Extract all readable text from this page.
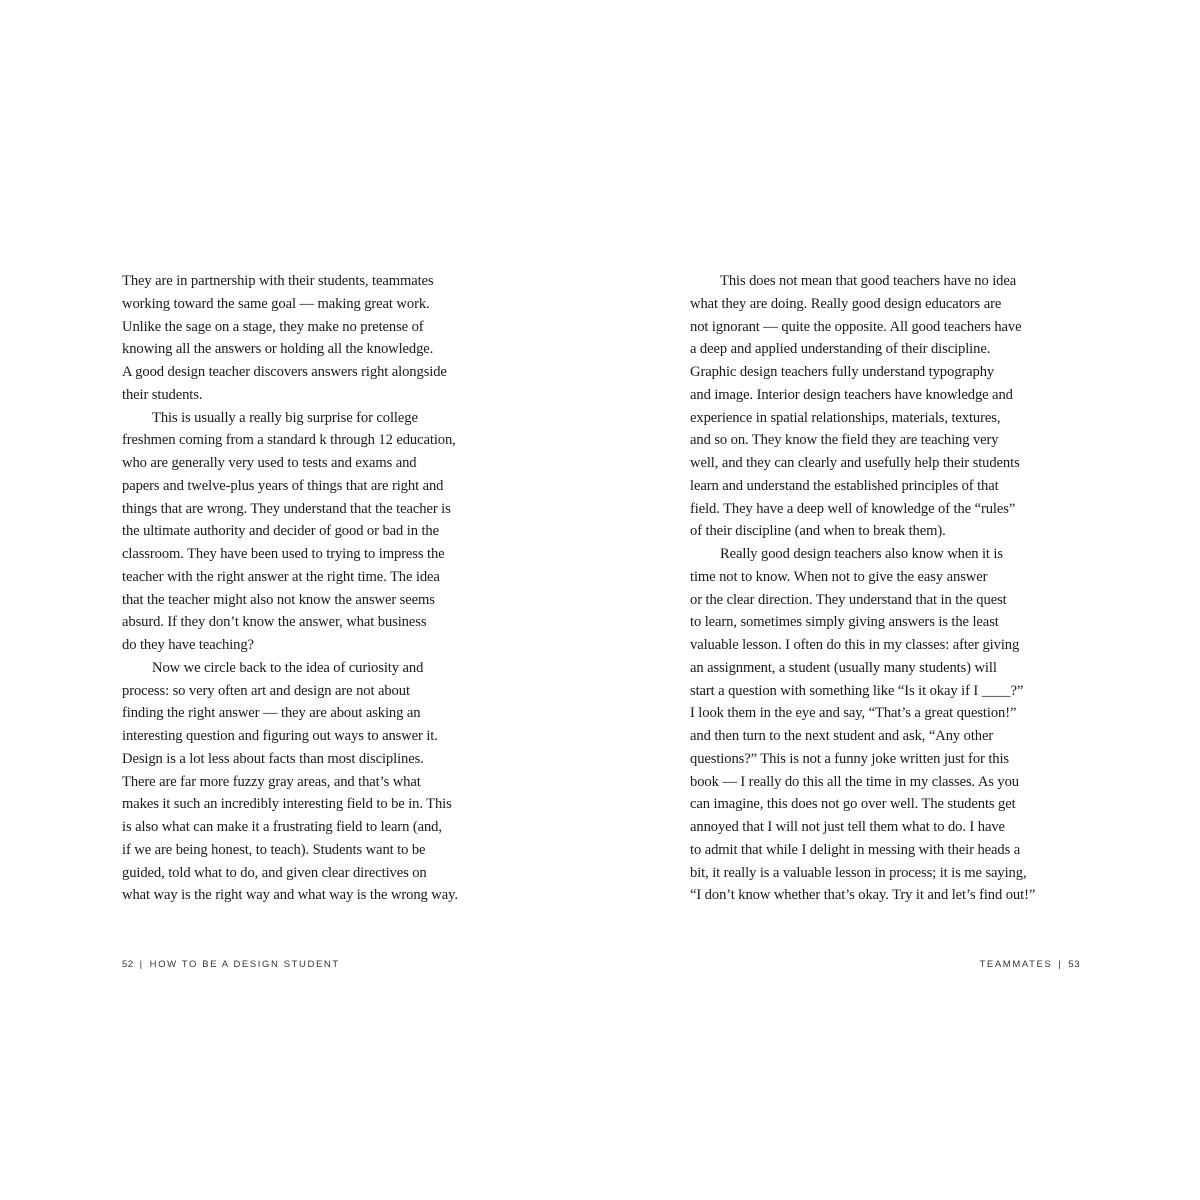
They are in partnership with their students, teammates
working toward the same goal — making great work.
Unlike the sage on a stage, they make no pretense of
knowing all the answers or holding all the knowledge.
A good design teacher discovers answers right alongside
their students.
This is usually a really big surprise for college
freshmen coming from a standard k through 12 education,
who are generally very used to tests and exams and
papers and twelve-plus years of things that are right and
things that are wrong. They understand that the teacher is
the ultimate authority and decider of good or bad in the
classroom. They have been used to trying to impress the
teacher with the right answer at the right time. The idea
that the teacher might also not know the answer seems
absurd. If they don’t know the answer, what business
do they have teaching?
Now we circle back to the idea of curiosity and
process: so very often art and design are not about
finding the right answer — they are about asking an
interesting question and figuring out ways to answer it.
Design is a lot less about facts than most disciplines.
There are far more fuzzy gray areas, and that’s what
makes it such an incredibly interesting field to be in. This
is also what can make it a frustrating field to learn (and,
if we are being honest, to teach). Students want to be
guided, told what to do, and given clear directives on
what way is the right way and what way is the wrong way.
52 | HOW TO BE A DESIGN STUDENT
This does not mean that good teachers have no idea
what they are doing. Really good design educators are
not ignorant — quite the opposite. All good teachers have
a deep and applied understanding of their discipline.
Graphic design teachers fully understand typography
and image. Interior design teachers have knowledge and
experience in spatial relationships, materials, textures,
and so on. They know the field they are teaching very
well, and they can clearly and usefully help their students
learn and understand the established principles of that
field. They have a deep well of knowledge of the “rules”
of their discipline (and when to break them).
Really good design teachers also know when it is
time not to know. When not to give the easy answer
or the clear direction. They understand that in the quest
to learn, sometimes simply giving answers is the least
valuable lesson. I often do this in my classes: after giving
an assignment, a student (usually many students) will
start a question with something like “Is it okay if I ____?”
I look them in the eye and say, “That’s a great question!”
and then turn to the next student and ask, “Any other
questions?” This is not a funny joke written just for this
book — I really do this all the time in my classes. As you
can imagine, this does not go over well. The students get
annoyed that I will not just tell them what to do. I have
to admit that while I delight in messing with their heads a
bit, it really is a valuable lesson in process; it is me saying,
“I don’t know whether that’s okay. Try it and let’s find out!”
TEAMMATES | 53
